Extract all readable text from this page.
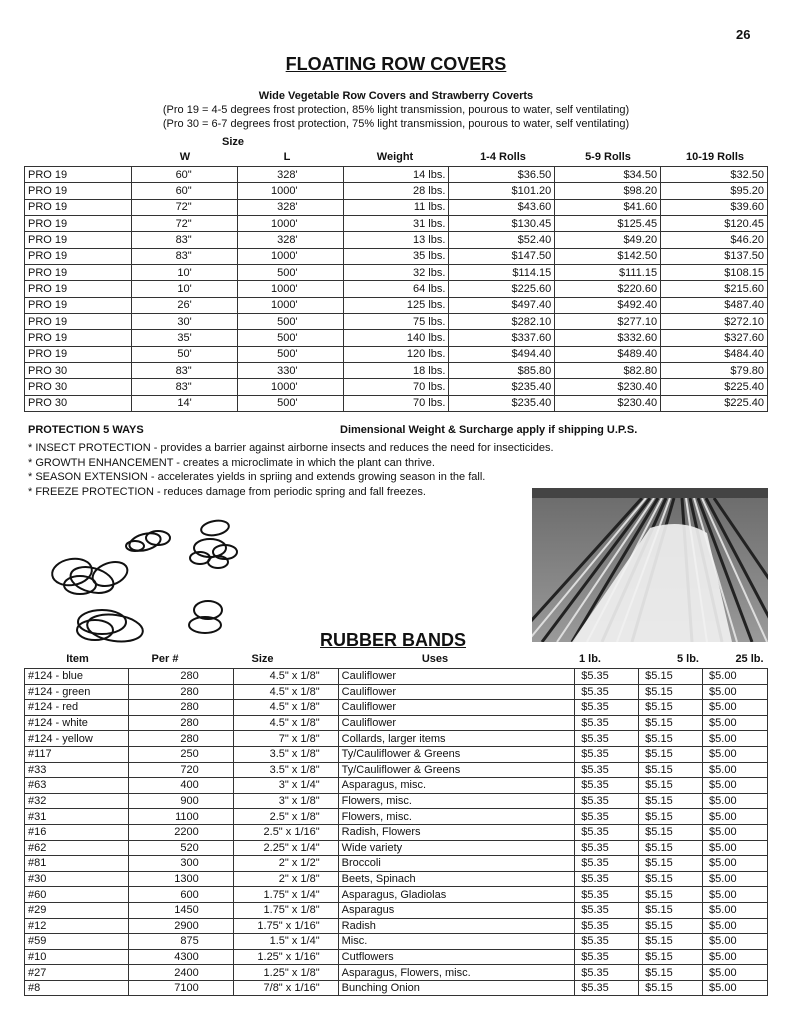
26
FLOATING ROW COVERS
Wide Vegetable Row Covers and Strawberry Coverts
(Pro 19 = 4-5 degrees frost protection, 85% light transmission, pourous to water, self ventilating)
(Pro 30 = 6-7 degrees frost protection, 75% light transmission, pourous to water, self ventilating)
Size
W	L	Weight	1-4 Rolls	5-9 Rolls	10-19 Rolls
PRO 19	60"	328'	14 lbs.	$36.50	$34.50	$32.50
PRO 19	60"	1000'	28 lbs.	$101.20	$98.20	$95.20
PRO 19	72"	328'	11 lbs.	$43.60	$41.60	$39.60
PRO 19	72"	1000'	31 lbs.	$130.45	$125.45	$120.45
PRO 19	83"	328'	13 lbs.	$52.40	$49.20	$46.20
PRO 19	83"	1000'	35 lbs.	$147.50	$142.50	$137.50
PRO 19	10'	500'	32 lbs.	$114.15	$111.15	$108.15
PRO 19	10'	1000'	64 lbs.	$225.60	$220.60	$215.60
PRO 19	26'	1000'	125 lbs.	$497.40	$492.40	$487.40
PRO 19	30'	500'	75 lbs.	$282.10	$277.10	$272.10
PRO 19	35'	500'	140 lbs.	$337.60	$332.60	$327.60
PRO 19	50'	500'	120 lbs.	$494.40	$489.40	$484.40
PRO 30	83"	330'	18 lbs.	$85.80	$82.80	$79.80
PRO 30	83"	1000'	70 lbs.	$235.40	$230.40	$225.40
PRO 30	14'	500'	70 lbs.	$235.40	$230.40	$225.40
PROTECTION 5 WAYS	Dimensional Weight & Surcharge apply if shipping U.P.S.
* INSECT PROTECTION - provides a barrier against airborne insects and reduces the need for insecticides.
* GROWTH ENHANCEMENT - creates a microclimate in which the plant can thrive.
* SEASON EXTENSION - accelerates yields in spriing and extends growing season in the fall.
* FREEZE PROTECTION - reduces damage from periodic spring and fall freezes.
RUBBER BANDS
Item	Per #	Size	Uses	1 lb.	5 lb.	25 lb.
#124 - blue	280	4.5" x 1/8"	Cauliflower	$5.35	$5.15	$5.00
#124 - green	280	4.5" x 1/8"	Cauliflower	$5.35	$5.15	$5.00
#124 - red	280	4.5" x 1/8"	Cauliflower	$5.35	$5.15	$5.00
#124 - white	280	4.5" x 1/8"	Cauliflower	$5.35	$5.15	$5.00
#124 - yellow	280	7" x 1/8"	Collards, larger items	$5.35	$5.15	$5.00
#117	250	3.5" x 1/8"	Ty/Cauliflower & Greens	$5.35	$5.15	$5.00
#33	720	3.5" x 1/8"	Ty/Cauliflower & Greens	$5.35	$5.15	$5.00
#63	400	3" x 1/4"	Asparagus, misc.	$5.35	$5.15	$5.00
#32	900	3" x 1/8"	Flowers, misc.	$5.35	$5.15	$5.00
#31	1100	2.5" x 1/8"	Flowers, misc.	$5.35	$5.15	$5.00
#16	2200	2.5" x 1/16"	Radish, Flowers	$5.35	$5.15	$5.00
#62	520	2.25" x 1/4"	Wide variety	$5.35	$5.15	$5.00
#81	300	2" x 1/2"	Broccoli	$5.35	$5.15	$5.00
#30	1300	2" x 1/8"	Beets, Spinach	$5.35	$5.15	$5.00
#60	600	1.75" x 1/4"	Asparagus, Gladiolas	$5.35	$5.15	$5.00
#29	1450	1.75" x 1/8"	Asparagus	$5.35	$5.15	$5.00
#12	2900	1.75" x 1/16"	Radish	$5.35	$5.15	$5.00
#59	875	1.5" x 1/4"	Misc.	$5.35	$5.15	$5.00
#10	4300	1.25" x 1/16"	Cutflowers	$5.35	$5.15	$5.00
#27	2400	1.25" x 1/8"	Asparagus, Flowers, misc.	$5.35	$5.15	$5.00
#8	7100	7/8" x 1/16"	Bunching Onion	$5.35	$5.15	$5.00
